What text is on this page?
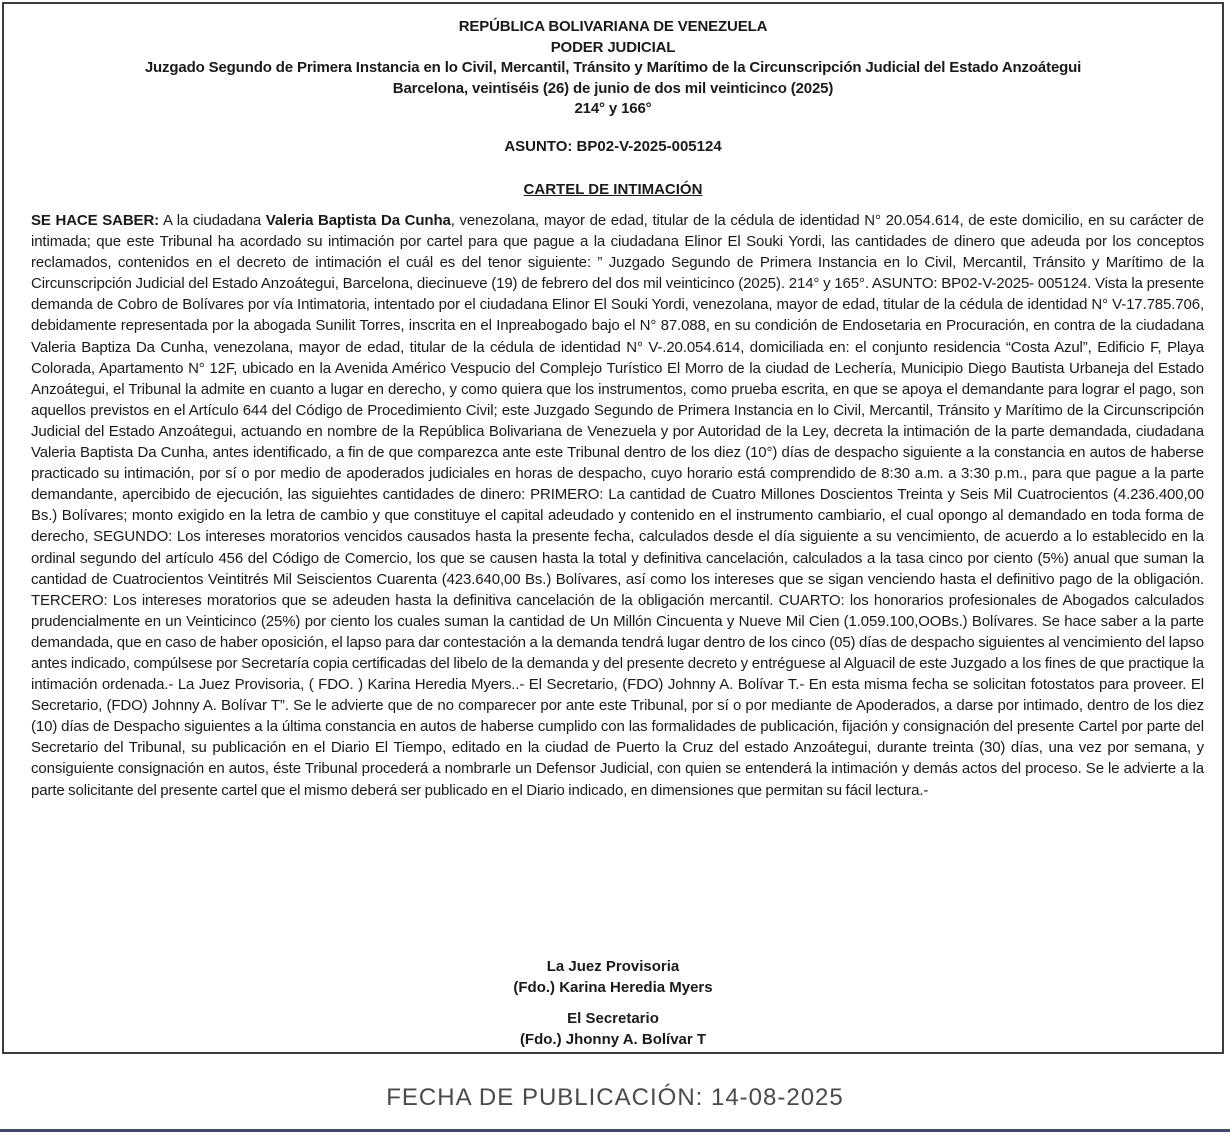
REPÚBLICA BOLIVARIANA DE VENEZUELA
PODER JUDICIAL
Juzgado Segundo de Primera Instancia en lo Civil, Mercantil, Tránsito y Marítimo de la Circunscripción Judicial del Estado Anzoátegui
Barcelona, veintiséis (26) de junio de dos mil veinticinco (2025)
214° y 166°
ASUNTO: BP02-V-2025-005124
CARTEL DE INTIMACIÓN
SE HACE SABER: A la ciudadana Valeria Baptista Da Cunha, venezolana, mayor de edad, titular de la cédula de identidad N° 20.054.614, de este domicilio, en su carácter de intimada; que este Tribunal ha acordado su intimación por cartel para que pague a la ciudadana Elinor El Souki Yordi, las cantidades de dinero que adeuda por los conceptos reclamados, contenidos en el decreto de intimación el cuál es del tenor siguiente: ” Juzgado Segundo de Primera Instancia en lo Civil, Mercantil, Tránsito y Marítimo de la Circunscripción Judicial del Estado Anzoátegui, Barcelona, diecinueve (19) de febrero del dos mil veinticinco (2025). 214° y 165°. ASUNTO: BP02-V-2025- 005124. Vista la presente demanda de Cobro de Bolívares por vía Intimatoria, intentado por el ciudadana Elinor El Souki Yordi, venezolana, mayor de edad, titular de la cédula de identidad N° V-17.785.706, debidamente representada por la abogada Sunilit Torres, inscrita en el Inpreabogado bajo el N° 87.088, en su condición de Endosetaria en Procuración, en contra de la ciudadana Valeria Baptiza Da Cunha, venezolana, mayor de edad, titular de la cédula de identidad N° V-.20.054.614, domiciliada en: el conjunto residencia “Costa Azul”, Edificio F, Playa Colorada, Apartamento N° 12F, ubicado en la Avenida Américo Vespucio del Complejo Turístico El Morro de la ciudad de Lechería, Municipio Diego Bautista Urbaneja del Estado Anzoátegui, el Tribunal la admite en cuanto a lugar en derecho, y como quiera que los instrumentos, como prueba escrita, en que se apoya el demandante para lograr el pago, son aquellos previstos en el Artículo 644 del Código de Procedimiento Civil; este Juzgado Segundo de Primera Instancia en lo Civil, Mercantil, Tránsito y Marítimo de la Circunscripción Judicial del Estado Anzoátegui, actuando en nombre de la República Bolivariana de Venezuela y por Autoridad de la Ley, decreta la intimación de la parte demandada, ciudadana Valeria Baptista Da Cunha, antes identificado, a fin de que comparezca ante este Tribunal dentro de los diez (10°) días de despacho siguiente a la constancia en autos de haberse practicado su intimación, por sí o por medio de apoderados judiciales en horas de despacho, cuyo horario está comprendido de 8:30 a.m. a 3:30 p.m., para que pague a la parte demandante, apercibido de ejecución, las siguiehtes cantidades de dinero: PRIMERO: La cantidad de Cuatro Millones Doscientos Treinta y Seis Mil Cuatrocientos (4.236.400,00 Bs.) Bolívares; monto exigido en la letra de cambio y que constituye el capital adeudado y contenido en el instrumento cambiario, el cual opongo al demandado en toda forma de derecho, SEGUNDO: Los intereses moratorios vencidos causados hasta la presente fecha, calculados desde el día siguiente a su vencimiento, de acuerdo a lo establecido en la ordinal segundo del artículo 456 del Código de Comercio, los que se causen hasta la total y definitiva cancelación, calculados a la tasa cinco por ciento (5%) anual que suman la cantidad de Cuatrocientos Veintitrés Mil Seiscientos Cuarenta (423.640,00 Bs.) Bolívares, así como los intereses que se sigan venciendo hasta el definitivo pago de la obligación. TERCERO: Los intereses moratorios que se adeuden hasta la definitiva cancelación de la obligación mercantil. CUARTO: los honorarios profesionales de Abogados calculados prudencialmente en un Veinticinco (25%) por ciento los cuales suman la cantidad de Un Millón Cincuenta y Nueve Mil Cien (1.059.100,OOBs.) Bolívares. Se hace saber a la parte demandada, que en caso de haber oposición, el lapso para dar contestación a la demanda tendrá lugar dentro de los cinco (05) días de despacho siguientes al vencimiento del lapso antes indicado, compúlsese por Secretaría copia certificadas del libelo de la demanda y del presente decreto y entréguese al Alguacil de este Juzgado a los fines de que practique la intimación ordenada.- La Juez Provisoria, ( FDO. ) Karina Heredia Myers..- El Secretario, (FDO) Johnny A. Bolívar T.- En esta misma fecha se solicitan fotostatos para proveer. El Secretario, (FDO) Johnny A. Bolívar T”. Se le advierte que de no comparecer por ante este Tribunal, por sí o por mediante de Apoderados, a darse por intimado, dentro de los diez (10) días de Despacho siguientes a la última constancia en autos de haberse cumplido con las formalidades de publicación, fijación y consignación del presente Cartel por parte del Secretario del Tribunal, su publicación en el Diario El Tiempo, editado en la ciudad de Puerto la Cruz del estado Anzoátegui, durante treinta (30) días, una vez por semana, y consiguiente consignación en autos, éste Tribunal procederá a nombrarle un Defensor Judicial, con quien se entenderá la intimación y demás actos del proceso. Se le advierte a la parte solicitante del presente cartel que el mismo deberá ser publicado en el Diario indicado, en dimensiones que permitan su fácil lectura.-
La Juez Provisoria
(Fdo.) Karina Heredia Myers
El Secretario
(Fdo.) Jhonny A. Bolívar T
FECHA DE PUBLICACIÓN: 14-08-2025
